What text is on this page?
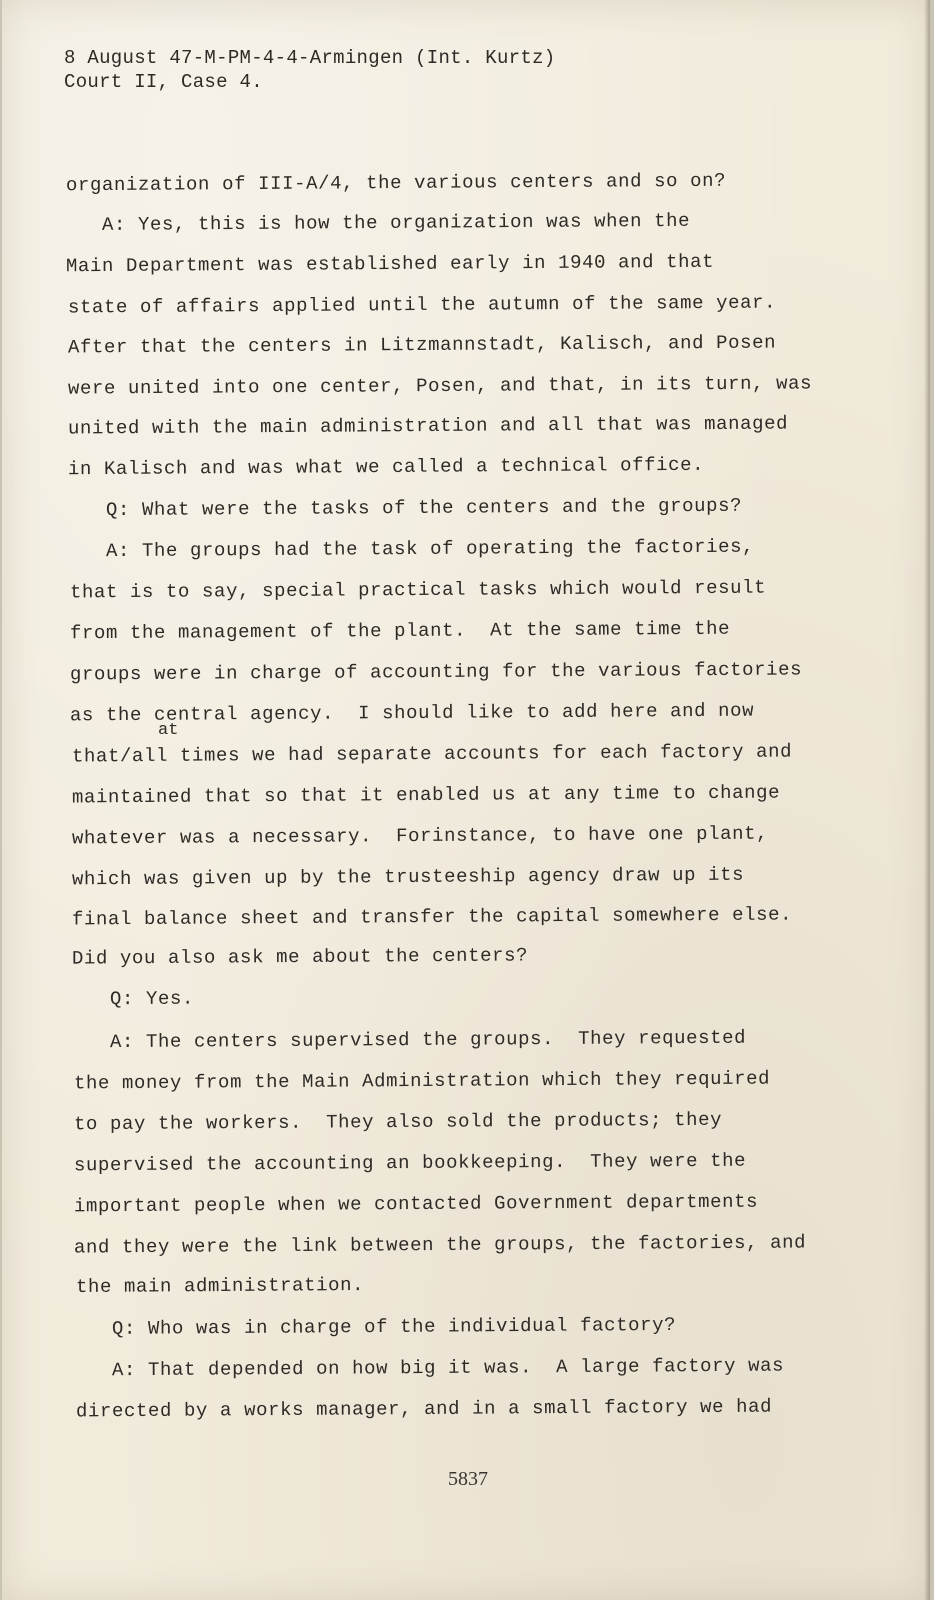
8 August 47-M-PM-4-4-Armingen (Int. Kurtz)
Court II, Case 4.
organization of III-A/4, the various centers and so on?
A: Yes, this is how the organization was when the
Main Department was established early in 1940 and that
state of affairs applied until the autumn of the same year.
After that the centers in Litzmannstadt, Kalisch, and Posen
were united into one center, Posen, and that, in its turn, was
united with the main administration and all that was managed
in Kalisch and was what we called a technical office.
Q: What were the tasks of the centers and the groups?
A: The groups had the task of operating the factories,
that is to say, special practical tasks which would result
from the management of the plant.  At the same time the
groups were in charge of accounting for the various factories
as the central agency.  I should like to add here and now
at
that/all times we had separate accounts for each factory and
maintained that so that it enabled us at any time to change
whatever was a necessary.  Forinstance, to have one plant,
which was given up by the trusteeship agency draw up its
final balance sheet and transfer the capital somewhere else.
Did you also ask me about the centers?
Q: Yes.
A: The centers supervised the groups.  They requested
the money from the Main Administration which they required
to pay the workers.  They also sold the products; they
supervised the accounting an bookkeeping.  They were the
important people when we contacted Government departments
and they were the link between the groups, the factories, and
the main administration.
Q: Who was in charge of the individual factory?
A: That depended on how big it was.  A large factory was
directed by a works manager, and in a small factory we had
5837
